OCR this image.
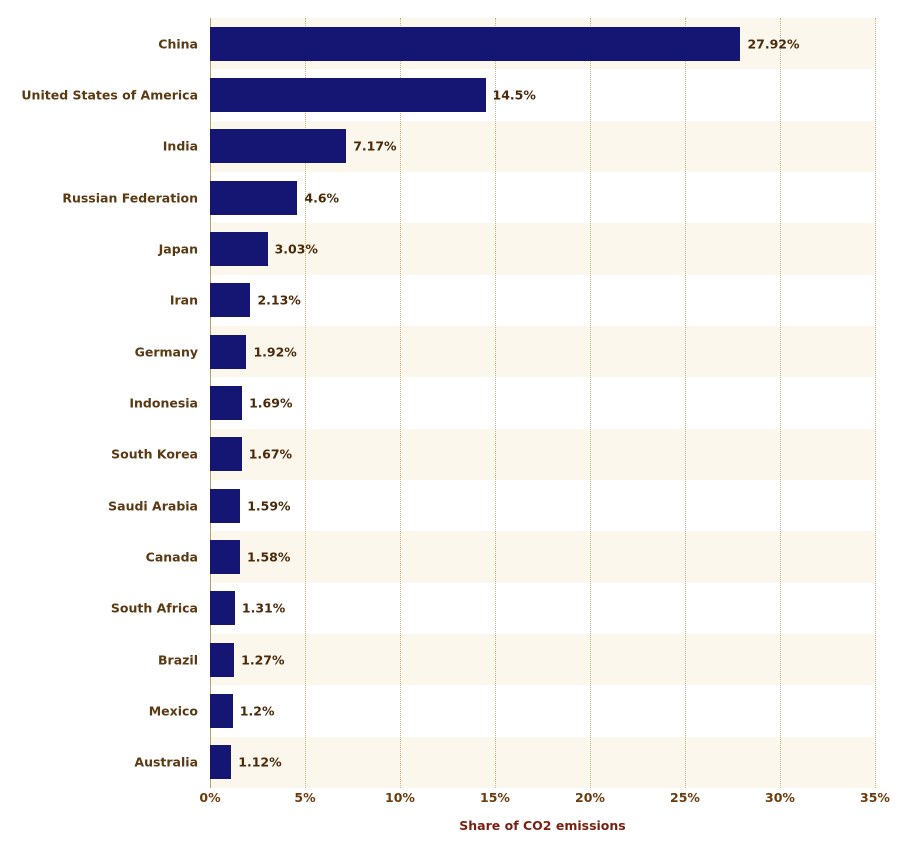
China	27.92%
United States of America	14.5%
India	7.17%
Russian Federation	4.6%
Japan	3.03%
Iran	2.13%
Germany	1.92%
Indonesia	1.69%
South Korea	1.67%
Saudi Arabia	1.59%
Canada	1.58%
South Africa	1.31%
Brazil	1.27%
Mexico	1.2%
Australia	1.12%
0%	5%	10%	15%	20%	25%	30%	35%
Share of CO2 emissions
